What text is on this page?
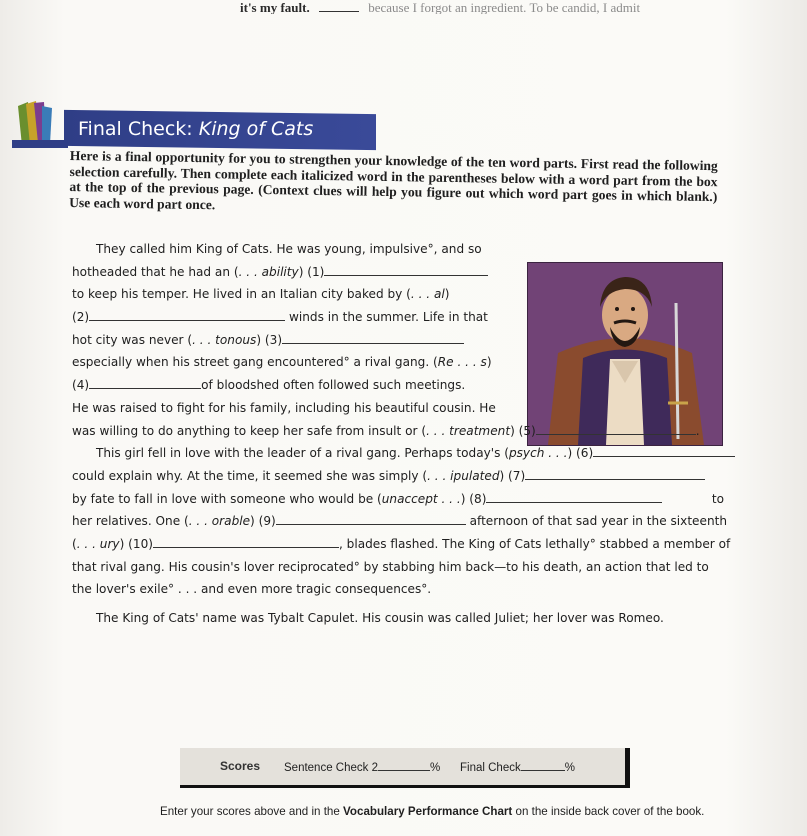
it's my fault.	because I forgot an ingredient. To be candid, I admit
Final Check: King of Cats
Here is a final opportunity for you to strengthen your knowledge of the ten word parts. First read the following selection carefully. Then complete each italicized word in the parentheses below with a word part from the box at the top of the previous page. (Context clues will help you figure out which word part goes in which blank.) Use each word part once.
They called him King of Cats. He was young, impulsive°, and so
hotheaded that he had an (. . . ability) (1)
to keep his temper. He lived in an Italian city baked by (. . . al)
(2)	winds in the summer. Life in that
hot city was never (. . . tonous) (3)
especially when his street gang encountered° a rival gang. (Re . . . s)
(4)	of bloodshed often followed such meetings.
He was raised to fight for his family, including his beautiful cousin. He
was willing to do anything to keep her safe from insult or (. . . treatment) (5)	.
This girl fell in love with the leader of a rival gang. Perhaps today's (psych . . .) (6)
could explain why. At the time, it seemed she was simply (. . . ipulated) (7)
by fate to fall in love with someone who would be (unaccept . . .) (8)	to
her relatives. One (. . . orable) (9)	afternoon of that sad year in the sixteenth
(. . . ury) (10)	, blades flashed. The King of Cats lethally° stabbed a member of
that rival gang. His cousin's lover reciprocated° by stabbing him back—to his death, an action that led to
the lover's exile° . . . and even more tragic consequences°.
The King of Cats' name was Tybalt Capulet. His cousin was called Juliet; her lover was Romeo.
Scores Sentence Check 2	% Final Check	%
Enter your scores above and in the Vocabulary Performance Chart on the inside back cover of the book.
